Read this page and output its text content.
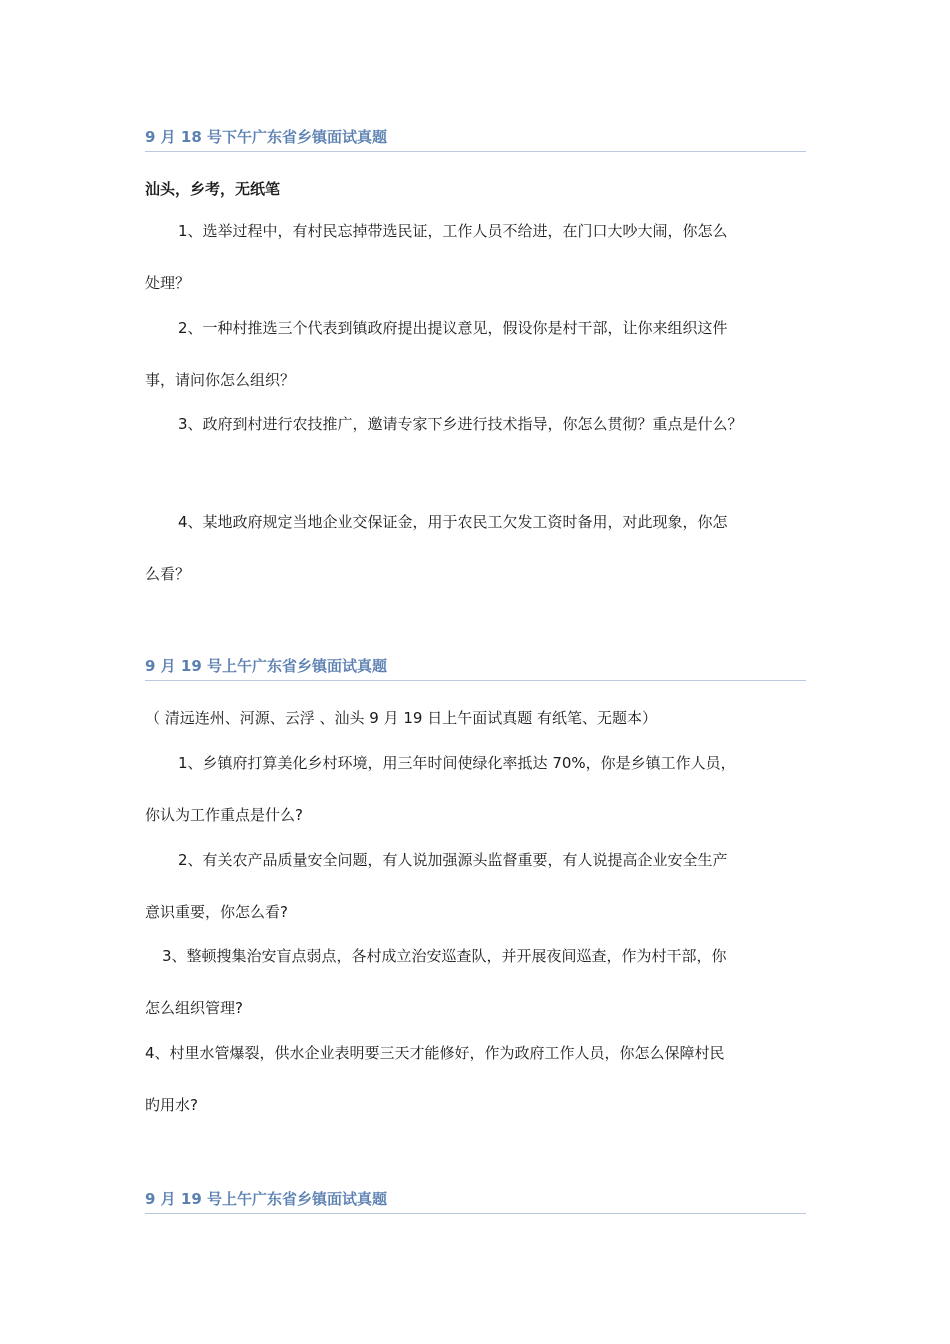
9 月 18 号下午广东省乡镇面试真题
汕头，乡考，无纸笔
1、选举过程中，有村民忘掉带选民证，工作人员不给进，在门口大吵大闹，你怎么
处理？
2、一种村推选三个代表到镇政府提出提议意见，假设你是村干部，让你来组织这件
事，请问你怎么组织？
3、政府到村进行农技推广，邀请专家下乡进行技术指导，你怎么贯彻？重点是什么？
4、某地政府规定当地企业交保证金，用于农民工欠发工资时备用，对此现象，你怎
么看？
9 月 19 号上午广东省乡镇面试真题
（ 清远连州、河源、云浮 、汕头 9 月 19 日上午面试真题 有纸笔、无题本）
1、乡镇府打算美化乡村环境，用三年时间使绿化率抵达 70%，你是乡镇工作人员，
你认为工作重点是什么?
2、有关农产品质量安全问题，有人说加强源头监督重要，有人说提高企业安全生产
意识重要，你怎么看?
3、整顿搜集治安盲点弱点，各村成立治安巡查队，并开展夜间巡查，作为村干部，你
怎么组织管理?
4、村里水管爆裂，供水企业表明要三天才能修好，作为政府工作人员，你怎么保障村民
旳用水?
9 月 19 号上午广东省乡镇面试真题
